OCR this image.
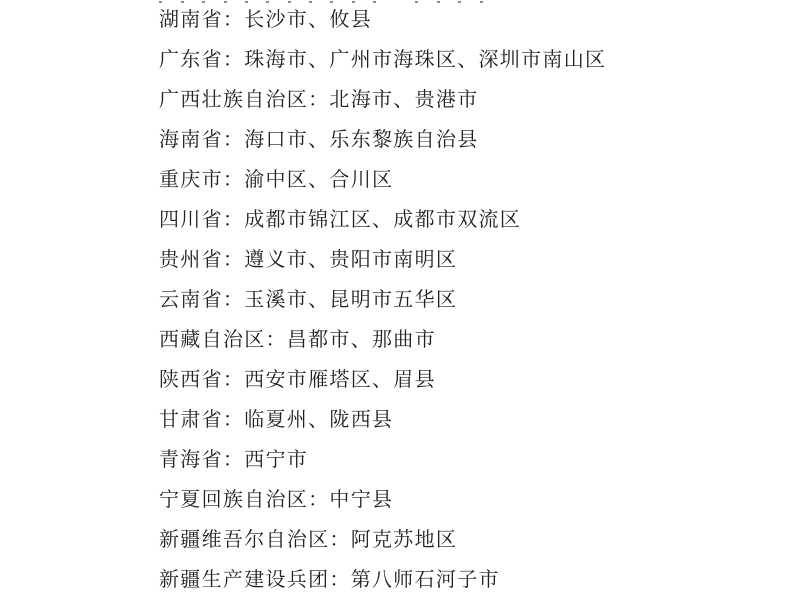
湖南省：长沙市、攸县

广东省：珠海市、广州市海珠区、深圳市南山区

广西壮族自治区：北海市、贵港市

海南省：海口市、乐东黎族自治县

重庆市：渝中区、合川区

四川省：成都市锦江区、成都市双流区

贵州省：遵义市、贵阳市南明区

云南省：玉溪市、昆明市五华区

西藏自治区：昌都市、那曲市

陕西省：西安市雁塔区、眉县

甘肃省：临夏州、陇西县

青海省：西宁市

宁夏回族自治区：中宁县

新疆维吾尔自治区：阿克苏地区

新疆生产建设兵团：第八师石河子市
